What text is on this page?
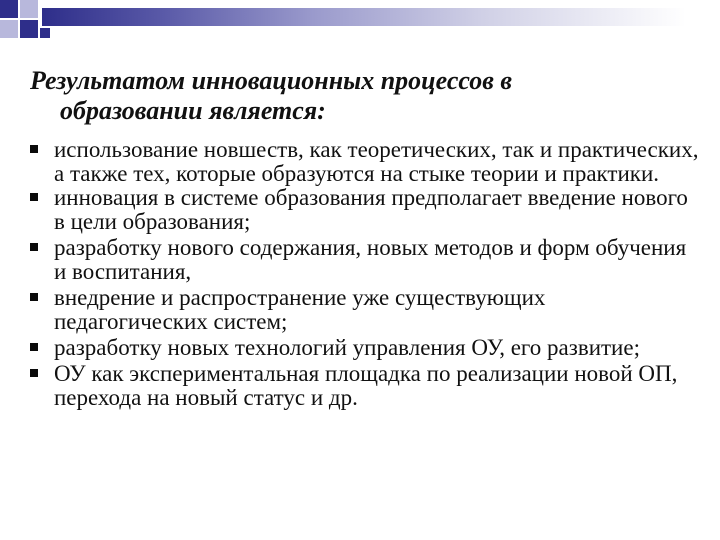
Результатом инновационных процессов в
образовании является:
использование новшеств, как теоретических, так и практических, а также тех, которые образуются на стыке теории и практики.
инновация в системе образования предполагает введение нового в цели образования;
разработку нового содержания, новых методов и форм обучения и воспитания,
внедрение и распространение уже существующих педагогических систем;
разработку новых технологий управления ОУ, его развитие;
ОУ как экспериментальная площадка по реализации новой ОП, перехода на новый статус и др.
